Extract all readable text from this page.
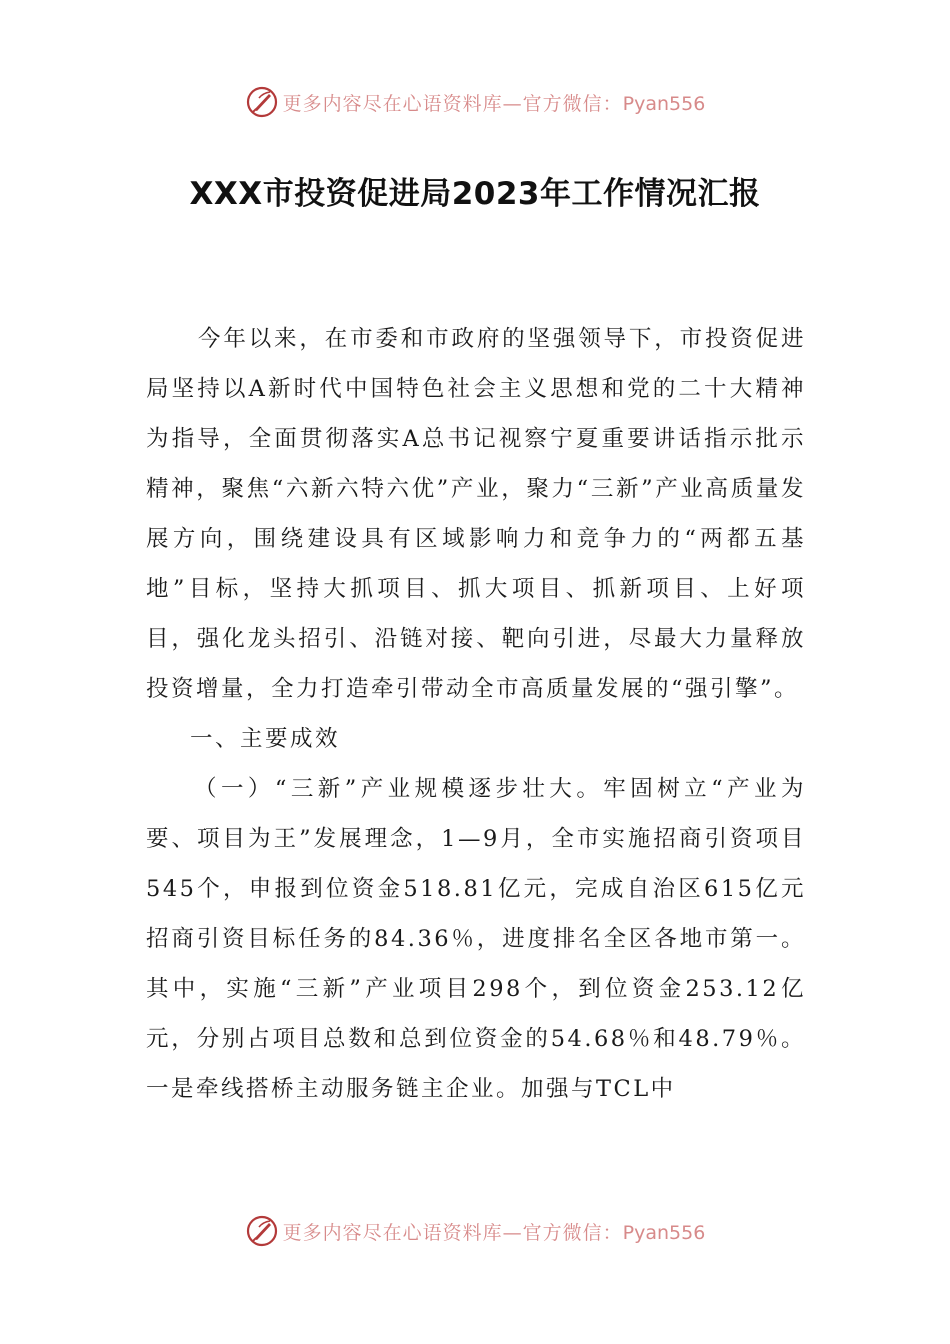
更多内容尽在心语资料库—官方微信：Pyan556
XXX市投资促进局2023年工作情况汇报

今年以来，在市委和市政府的坚强领导下，市投资促进局坚持以A新时代中国特色社会主义思想和党的二十大精神为指导，全面贯彻落实A总书记视察宁夏重要讲话指示批示精神，聚焦“六新六特六优”产业，聚力“三新”产业高质量发展方向，围绕建设具有区域影响力和竞争力的“两都五基地”目标，坚持大抓项目、抓大项目、抓新项目、上好项目，强化龙头招引、沿链对接、靶向引进，尽最大力量释放投资增量，全力打造牵引带动全市高质量发展的“强引擎”。

一、主要成效

（一）“三新”产业规模逐步壮大。牢固树立“产业为要、项目为王”发展理念，1—9月，全市实施招商引资项目545个，申报到位资金518.81亿元，完成自治区615亿元招商引资目标任务的84.36％，进度排名全区各地市第一。其中，实施“三新”产业项目298个，到位资金253.12亿元，分别占项目总数和总到位资金的54.68％和48.79％。一是牵线搭桥主动服务链主企业。加强与TCL中

更多内容尽在心语资料库—官方微信：Pyan556
